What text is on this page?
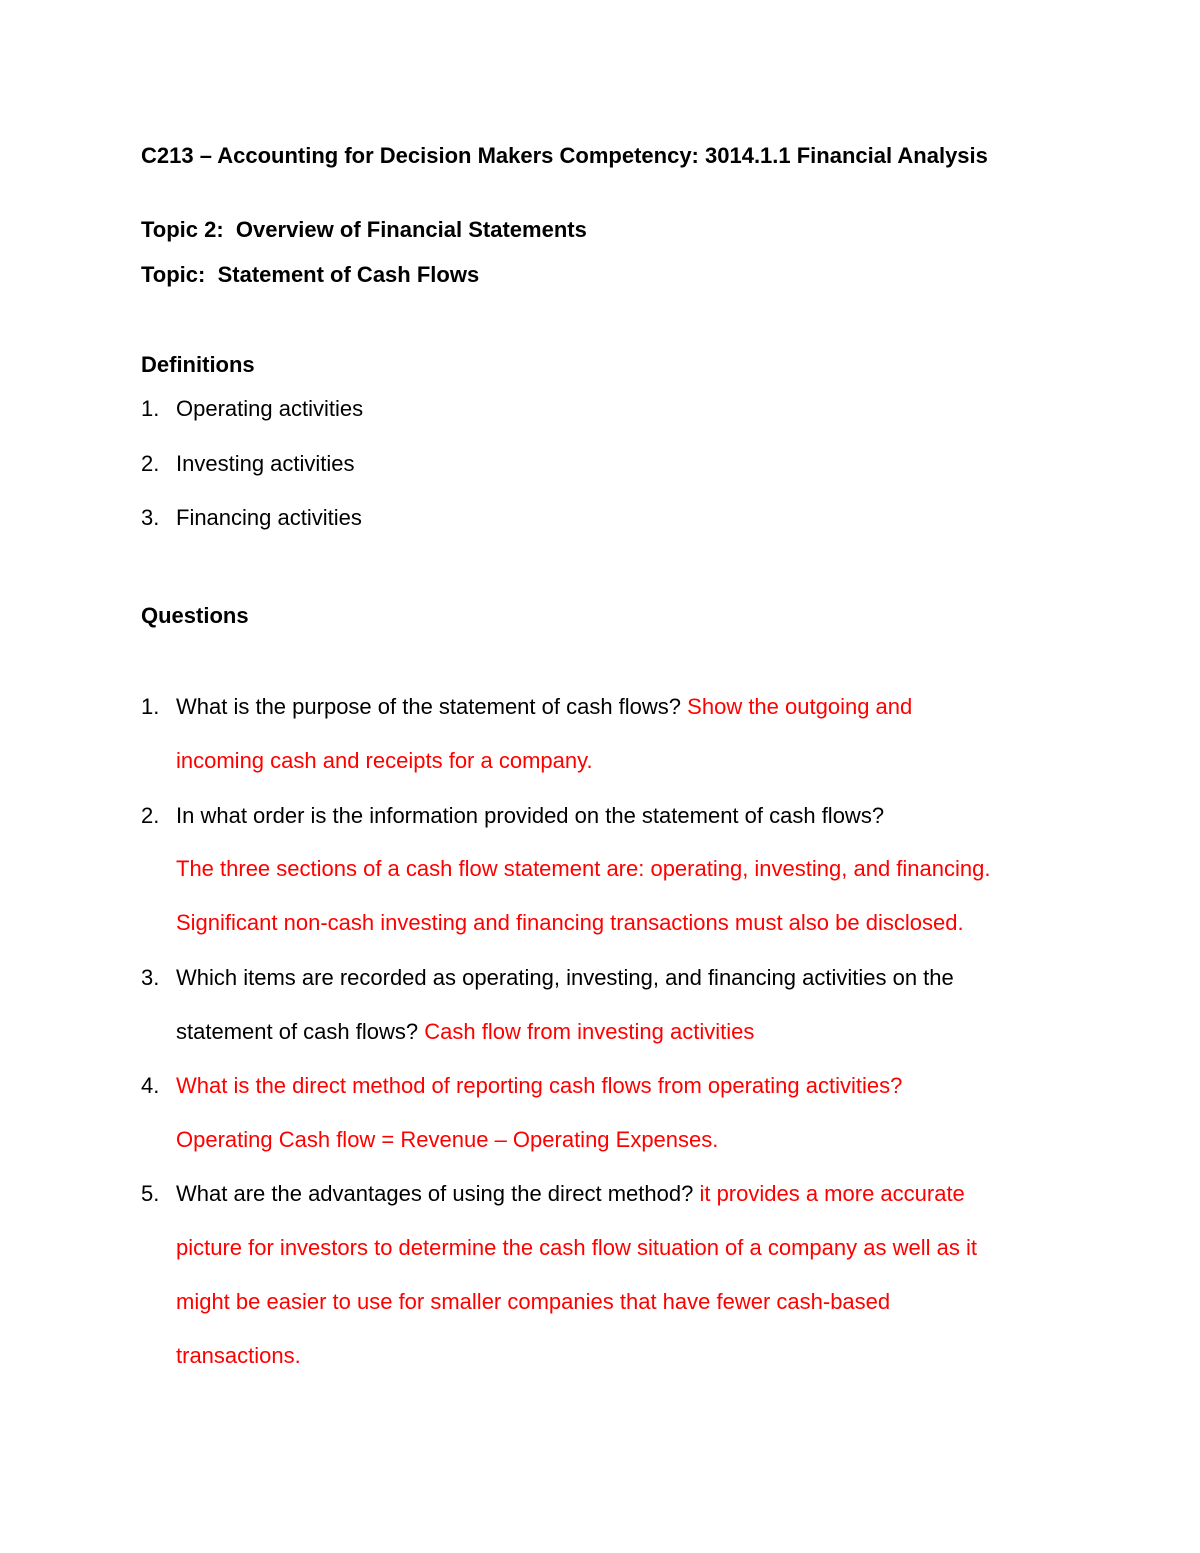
C213 – Accounting for Decision Makers Competency: 3014.1.1 Financial Analysis

Topic 2:  Overview of Financial Statements

Topic:  Statement of Cash Flows

Definitions
1. Operating activities
2. Investing activities
3. Financing activities
Questions
1. What is the purpose of the statement of cash flows? Show the outgoing and
incoming cash and receipts for a company.
2. In what order is the information provided on the statement of cash flows?
The three sections of a cash flow statement are: operating, investing, and financing.
Significant non-cash investing and financing transactions must also be disclosed.
3. Which items are recorded as operating, investing, and financing activities on the
statement of cash flows? Cash flow from investing activities
4. What is the direct method of reporting cash flows from operating activities?
Operating Cash flow = Revenue – Operating Expenses.
5. What are the advantages of using the direct method? it provides a more accurate
picture for investors to determine the cash flow situation of a company as well as it
might be easier to use for smaller companies that have fewer cash-based
transactions.
